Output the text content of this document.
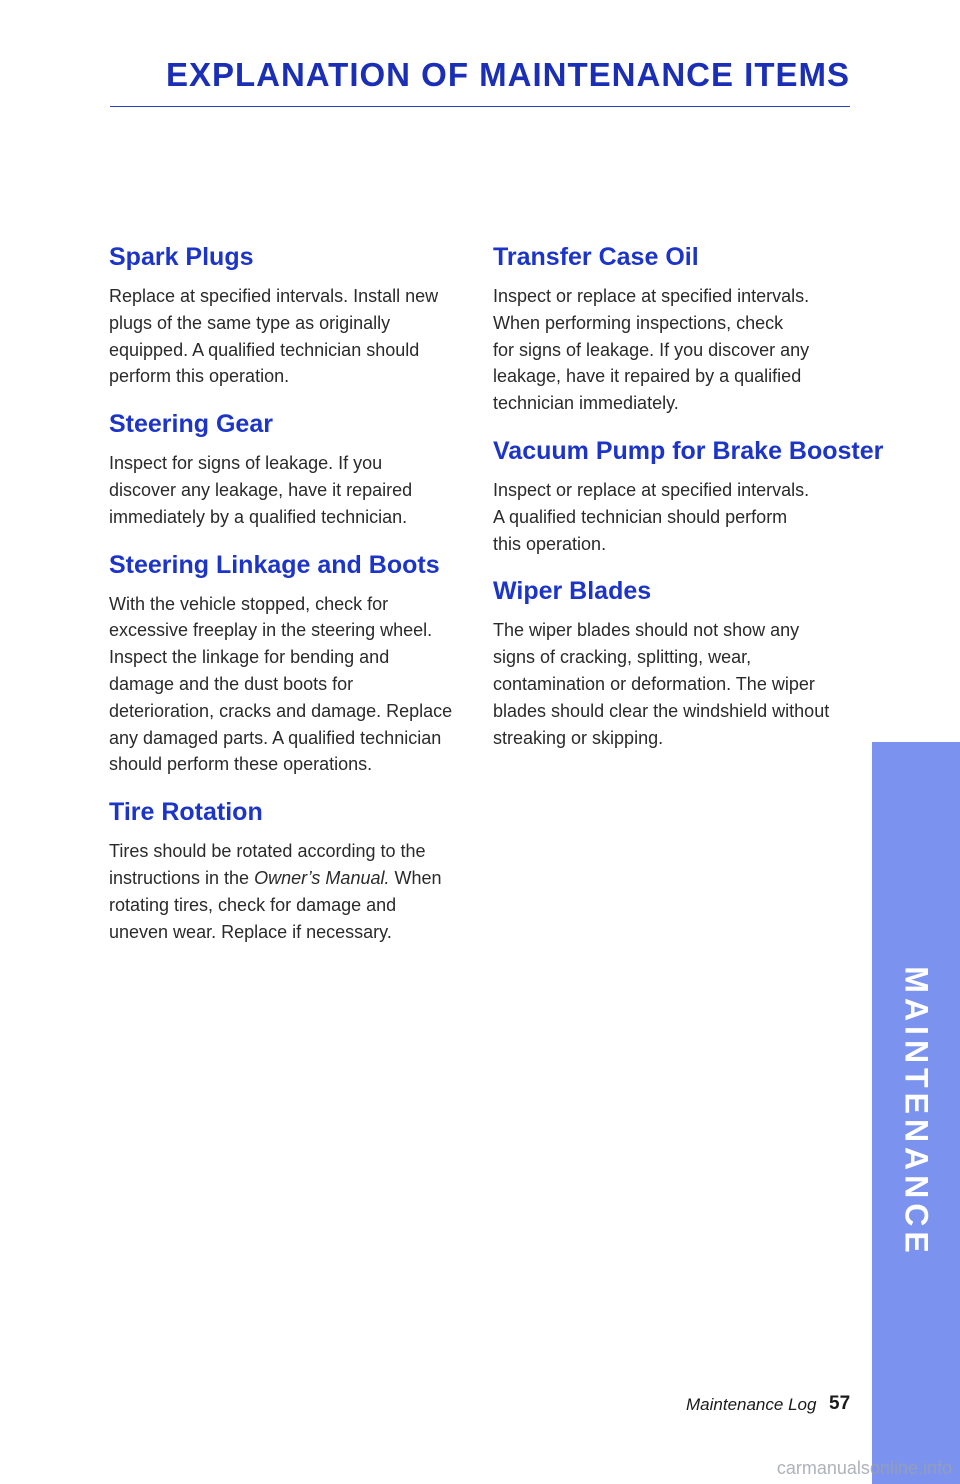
EXPLANATION OF MAINTENANCE ITEMS
Spark Plugs

Replace at specified intervals. Install new
plugs of the same type as originally
equipped. A qualified technician should
perform this operation.

Steering Gear

Inspect for signs of leakage. If you
discover any leakage, have it repaired
immediately by a qualified technician.

Steering Linkage and Boots

With the vehicle stopped, check for
excessive freeplay in the steering wheel.
Inspect the linkage for bending and
damage and the dust boots for
deterioration, cracks and damage. Replace
any damaged parts. A qualified technician
should perform these operations.

Tire Rotation

Tires should be rotated according to the
instructions in the Owner’s Manual. When
rotating tires, check for damage and
uneven wear. Replace if necessary.

Transfer Case Oil

Inspect or replace at specified intervals.
When performing inspections, check
for signs of leakage. If you discover any
leakage, have it repaired by a qualified
technician immediately.

Vacuum Pump for Brake Booster

Inspect or replace at specified intervals.
A qualified technician should perform
this operation.

Wiper Blades

The wiper blades should not show any
signs of cracking, splitting, wear,
contamination or deformation. The wiper
blades should clear the windshield without
streaking or skipping.

MAINTENANCE
Maintenance Log 57
carmanualsonline.info
